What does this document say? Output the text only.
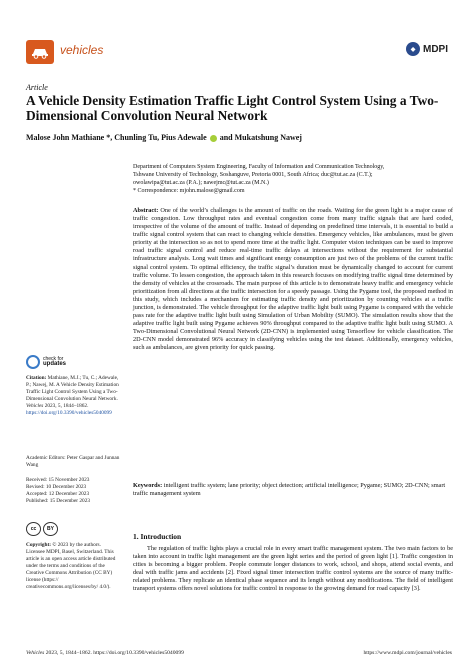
vehicles	◆ MDPI
Article
A Vehicle Density Estimation Traffic Light Control System Using a Two-Dimensional Convolution Neural Network
Malose John Mathiane *, Chunling Tu, Pius Adewale and Mukatshung Nawej
Department of Computers System Engineering, Faculty of Information and Communication Technology,
Tshwane University of Technology, Soshanguve, Pretoria 0001, South Africa; duc@tut.ac.za (C.T.);
owolawipa@tut.ac.za (P.A.); nawejmc@tut.ac.za (M.N.)
* Correspondence: mjohn.malose@gmail.com
Abstract: One of the world’s challenges is the amount of traffic on the roads. Waiting for the green light is a major cause of traffic congestion. Low throughput rates and eventual congestion come from many traffic signals that are hard coded, irrespective of the volume of the amount of traffic. Instead of depending on predefined time intervals, it is essential to build a traffic signal control system that can react to changing vehicle densities. Emergency vehicles, like ambulances, must be given priority at the intersection so as not to spend more time at the traffic light. Computer vision techniques can be used to improve road traffic signal control and reduce real-time traffic delays at intersections without the requirement for substantial infrastructure analysis. Long wait times and significant energy consumption are just two of the problems of the current traffic signal control system. To optimal efficiency, the traffic signal’s duration must be dynamically changed to account for current traffic volume. To lessen congestion, the approach taken in this research focuses on modifying traffic signal time determined by the density of vehicles at the crossroads. The main purpose of this article is to demonstrate heavy traffic and emergency vehicle prioritization from all directions at the traffic intersection for a speedy passage. Using the Pygame tool, the proposed method in this study, which includes a mechanism for estimating traffic density and prioritization by counting vehicles at a traffic junction, is demonstrated. The vehicle throughput for the adaptive traffic light built using Pygame is compared with the vehicle pass rate for the adaptive traffic light built using Simulation of Urban Mobility (SUMO). The simulation results show that the adaptive traffic light built using Pygame achieves 90% throughput compared to the adaptive traffic light built using SUMO. A Two-Dimensional Convolutional Neural Network (2D-CNN) is implemented using Tensorflow for vehicle classification. The 2D-CNN model demonstrated 96% accuracy in classifying vehicles using the test dataset. Additionally, emergency vehicles, such as ambulances, are given priority for quick passing.
Keywords: intelligent traffic system; lane priority; object detection; artificial intelligence; Pygame; SUMO; 2D-CNN; smart traffic management system
check for
updates
Citation: Mathiane, M.J.; Tu, C.; Adewale, P.; Nawej, M. A Vehicle Density Estimation Traffic Light Control System Using a Two-Dimensional Convolution Neural Network. Vehicles 2023, 5, 1844–1862. https://doi.org/10.3390/vehicles5040099
Academic Editors: Peter Gaspar and Junnan Wang
Received: 15 November 2023
Revised: 10 December 2023
Accepted: 12 December 2023
Published: 15 December 2023
cc	BY
Copyright: © 2023 by the authors. Licensee MDPI, Basel, Switzerland. This article is an open access article distributed under the terms and conditions of the Creative Commons Attribution (CC BY) license (https:// creativecommons.org/licenses/by/ 4.0/).
1. Introduction
The regulation of traffic lights plays a crucial role in every smart traffic management system. The two main factors to be taken into account in traffic light management are the green light series and the period of green light [1]. Traffic congestion in cities is becoming a bigger problem. People commute longer distances to work, school, and shops, attend social events, and deal with traffic jams and accidents [2]. Fixed signal timer intersection traffic control systems are the source of many traffic-related problems. They replicate an identical phase sequence and its length without any modifications. The field of intelligent transport systems offers novel solutions for traffic control in response to the growing demand for road capacity [3].
Vehicles 2023, 5, 1844–1862. https://doi.org/10.3390/vehicles5040099	https://www.mdpi.com/journal/vehicles
